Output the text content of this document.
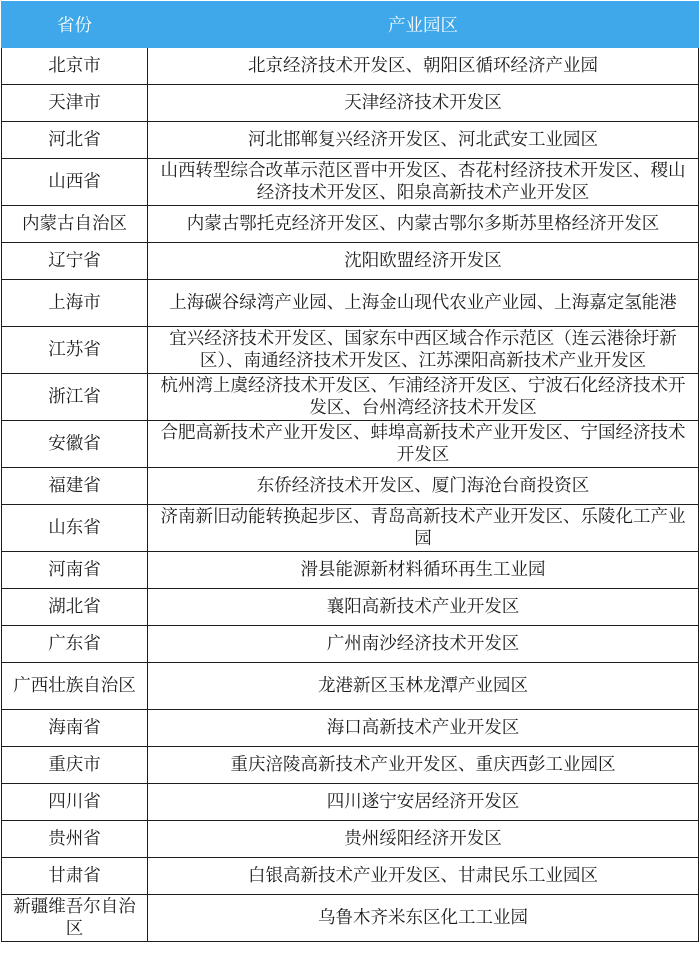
省份	产业园区
北京市	北京经济技术开发区、朝阳区循环经济产业园
天津市	天津经济技术开发区
河北省	河北邯郸复兴经济开发区、河北武安工业园区
山西省	山西转型综合改革示范区晋中开发区、杏花村经济技术开发区、稷山经济技术开发区、阳泉高新技术产业开发区
内蒙古自治区	内蒙古鄂托克经济开发区、内蒙古鄂尔多斯苏里格经济开发区
辽宁省	沈阳欧盟经济开发区
上海市	上海碳谷绿湾产业园、上海金山现代农业产业园、上海嘉定氢能港
江苏省	宜兴经济技术开发区、国家东中西区域合作示范区（连云港徐圩新区）、南通经济技术开发区、江苏溧阳高新技术产业开发区
浙江省	杭州湾上虞经济技术开发区、乍浦经济开发区、宁波石化经济技术开发区、台州湾经济技术开发区
安徽省	合肥高新技术产业开发区、蚌埠高新技术产业开发区、宁国经济技术开发区
福建省	东侨经济技术开发区、厦门海沧台商投资区
山东省	济南新旧动能转换起步区、青岛高新技术产业开发区、乐陵化工产业园
河南省	滑县能源新材料循环再生工业园
湖北省	襄阳高新技术产业开发区
广东省	广州南沙经济技术开发区
广西壮族自治区	龙港新区玉林龙潭产业园区
海南省	海口高新技术产业开发区
重庆市	重庆涪陵高新技术产业开发区、重庆西彭工业园区
四川省	四川遂宁安居经济开发区
贵州省	贵州绥阳经济开发区
甘肃省	白银高新技术产业开发区、甘肃民乐工业园区
新疆维吾尔自治区	乌鲁木齐米东区化工工业园
